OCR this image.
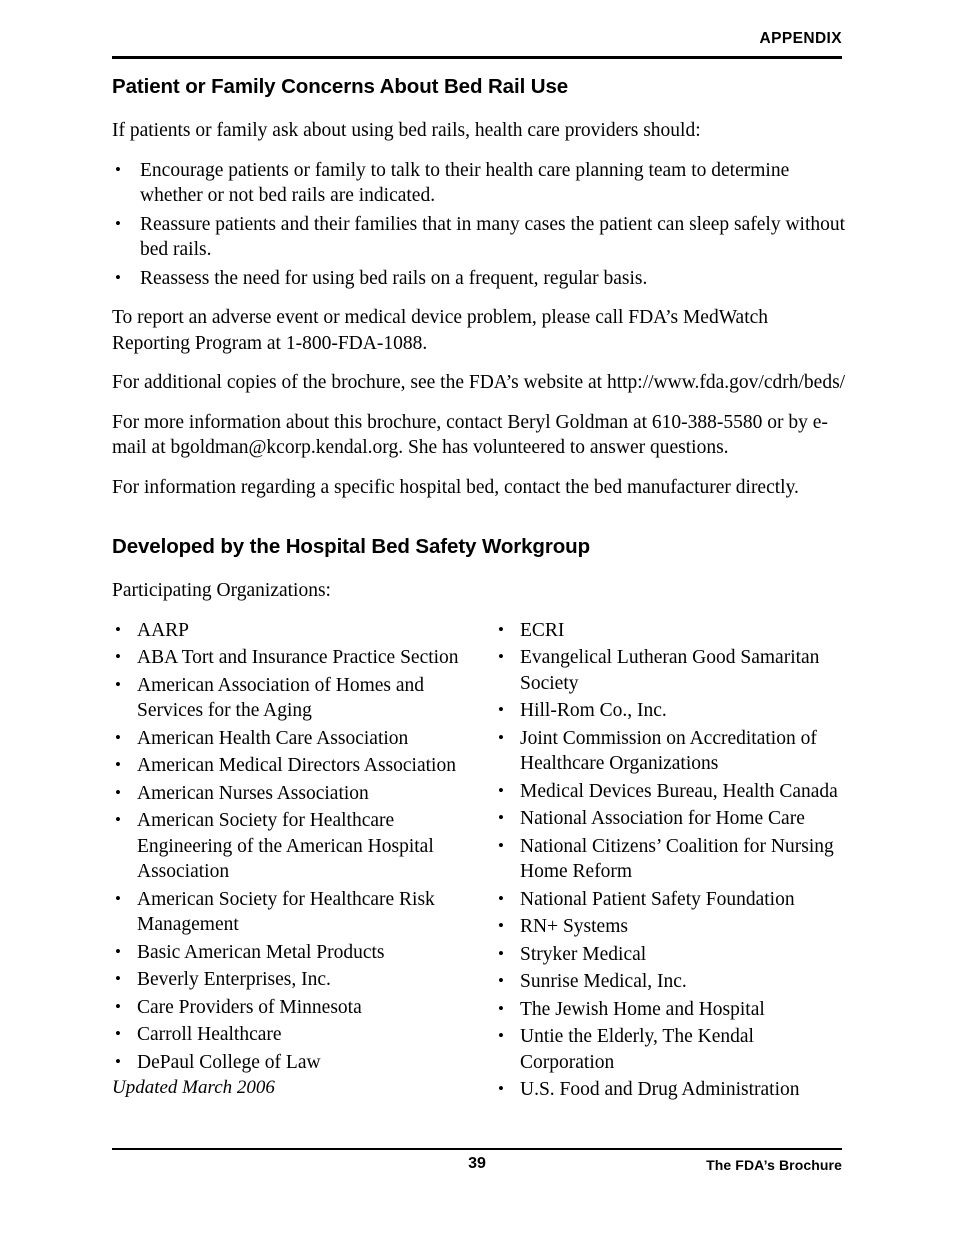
APPENDIX
Patient or Family Concerns About Bed Rail Use

If patients or family ask about using bed rails, health care providers should:

• Encourage patients or family to talk to their health care planning team to determine whether or not bed rails are indicated.
• Reassure patients and their families that in many cases the patient can sleep safely without bed rails.
• Reassess the need for using bed rails on a frequent, regular basis.

To report an adverse event or medical device problem, please call FDA’s MedWatch Reporting Program at 1-800-FDA-1088.

For additional copies of the brochure, see the FDA’s website at http://www.fda.gov/cdrh/beds/

For more information about this brochure, contact Beryl Goldman at 610-388-5580 or by e-mail at bgoldman@kcorp.kendal.org. She has volunteered to answer questions.

For information regarding a specific hospital bed, contact the bed manufacturer directly.

Developed by the Hospital Bed Safety Workgroup

Participating Organizations:

• AARP
• ABA Tort and Insurance Practice Section
• American Association of Homes and Services for the Aging
• American Health Care Association
• American Medical Directors Association
• American Nurses Association
• American Society for Healthcare Engineering of the American Hospital Association
• American Society for Healthcare Risk Management
• Basic American Metal Products
• Beverly Enterprises, Inc.
• Care Providers of Minnesota
• Carroll Healthcare
• DePaul College of Law
• ECRI
• Evangelical Lutheran Good Samaritan Society
• Hill-Rom Co., Inc.
• Joint Commission on Accreditation of Healthcare Organizations
• Medical Devices Bureau, Health Canada
• National Association for Home Care
• National Citizens’ Coalition for Nursing Home Reform
• National Patient Safety Foundation
• RN+ Systems
• Stryker Medical
• Sunrise Medical, Inc.
• The Jewish Home and Hospital
• Untie the Elderly, The Kendal Corporation
• U.S. Food and Drug Administration
Updated March 2006
39	The FDA’s Brochure
